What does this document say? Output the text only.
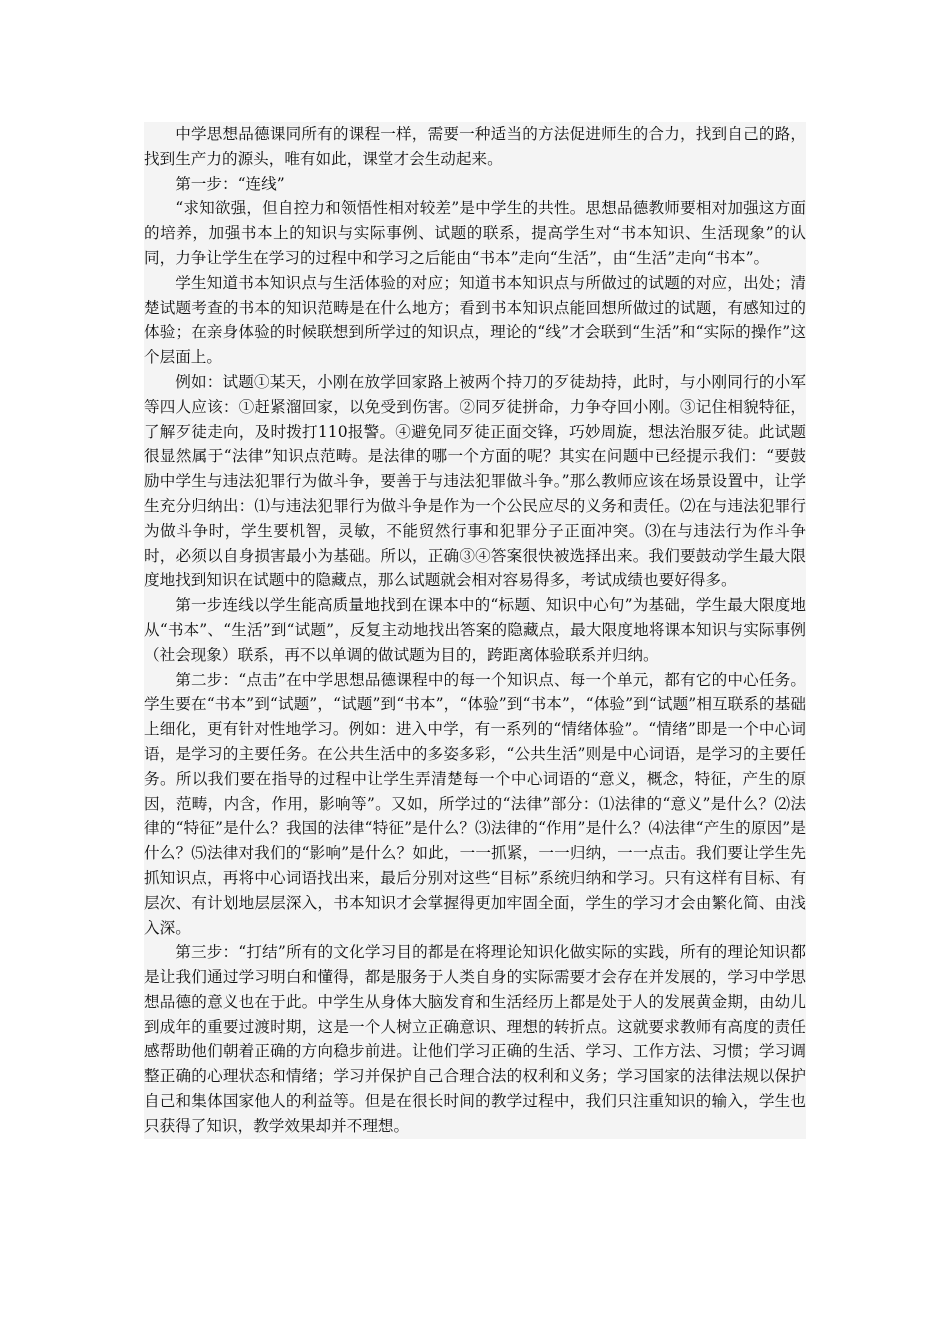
中学思想品德课同所有的课程一样，需要一种适当的方法促进师生的合力，找到自己的路，找到生产力的源头，唯有如此，课堂才会生动起来。

第一步：“连线”

“求知欲强，但自控力和领悟性相对较差”是中学生的共性。思想品德教师要相对加强这方面的培养，加强书本上的知识与实际事例、试题的联系，提高学生对“书本知识、生活现象”的认同，力争让学生在学习的过程中和学习之后能由“书本”走向“生活”，由“生活”走向“书本”。

学生知道书本知识点与生活体验的对应；知道书本知识点与所做过的试题的对应，出处；清楚试题考查的书本的知识范畴是在什么地方；看到书本知识点能回想所做过的试题，有感知过的体验；在亲身体验的时候联想到所学过的知识点，理论的“线”才会联到“生活”和“实际的操作”这个层面上。

例如：试题①某天，小刚在放学回家路上被两个持刀的歹徒劫持，此时，与小刚同行的小军等四人应该：①赶紧溜回家，以免受到伤害。②同歹徒拼命，力争夺回小刚。③记住相貌特征，了解歹徒走向，及时拨打110报警。④避免同歹徒正面交锋，巧妙周旋，想法治服歹徒。此试题很显然属于“法律”知识点范畴。是法律的哪一个方面的呢？其实在问题中已经提示我们：“要鼓励中学生与违法犯罪行为做斗争，要善于与违法犯罪做斗争。”那么教师应该在场景设置中，让学生充分归纳出：⑴与违法犯罪行为做斗争是作为一个公民应尽的义务和责任。⑵在与违法犯罪行为做斗争时，学生要机智，灵敏，不能贸然行事和犯罪分子正面冲突。⑶在与违法行为作斗争时，必须以自身损害最小为基础。所以，正确③④答案很快被选择出来。我们要鼓动学生最大限度地找到知识在试题中的隐藏点，那么试题就会相对容易得多，考试成绩也要好得多。

第一步连线以学生能高质量地找到在课本中的“标题、知识中心句”为基础，学生最大限度地从“书本”、“生活”到“试题”，反复主动地找出答案的隐藏点，最大限度地将课本知识与实际事例（社会现象）联系，再不以单调的做试题为目的，跨距离体验联系并归纳。

第二步：“点击”在中学思想品德课程中的每一个知识点、每一个单元，都有它的中心任务。学生要在“书本”到“试题”，“试题”到“书本”，“体验”到“书本”，“体验”到“试题”相互联系的基础上细化，更有针对性地学习。例如：进入中学，有一系列的“情绪体验”。“情绪”即是一个中心词语，是学习的主要任务。在公共生活中的多姿多彩，“公共生活”则是中心词语，是学习的主要任务。所以我们要在指导的过程中让学生弄清楚每一个中心词语的“意义，概念，特征，产生的原因，范畴，内含，作用，影响等”。又如，所学过的“法律”部分：⑴法律的“意义”是什么？⑵法律的“特征”是什么？我国的法律“特征”是什么？⑶法律的“作用”是什么？⑷法律“产生的原因”是什么？⑸法律对我们的“影响”是什么？如此，一一抓紧，一一归纳，一一点击。我们要让学生先抓知识点，再将中心词语找出来，最后分别对这些“目标”系统归纳和学习。只有这样有目标、有层次、有计划地层层深入，书本知识才会掌握得更加牢固全面，学生的学习才会由繁化简、由浅入深。

第三步：“打结”所有的文化学习目的都是在将理论知识化做实际的实践，所有的理论知识都是让我们通过学习明白和懂得，都是服务于人类自身的实际需要才会存在并发展的，学习中学思想品德的意义也在于此。中学生从身体大脑发育和生活经历上都是处于人的发展黄金期，由幼儿到成年的重要过渡时期，这是一个人树立正确意识、理想的转折点。这就要求教师有高度的责任感帮助他们朝着正确的方向稳步前进。让他们学习正确的生活、学习、工作方法、习惯；学习调整正确的心理状态和情绪；学习并保护自己合理合法的权利和义务；学习国家的法律法规以保护自己和集体国家他人的利益等。但是在很长时间的教学过程中，我们只注重知识的输入，学生也只获得了知识，教学效果却并不理想。
